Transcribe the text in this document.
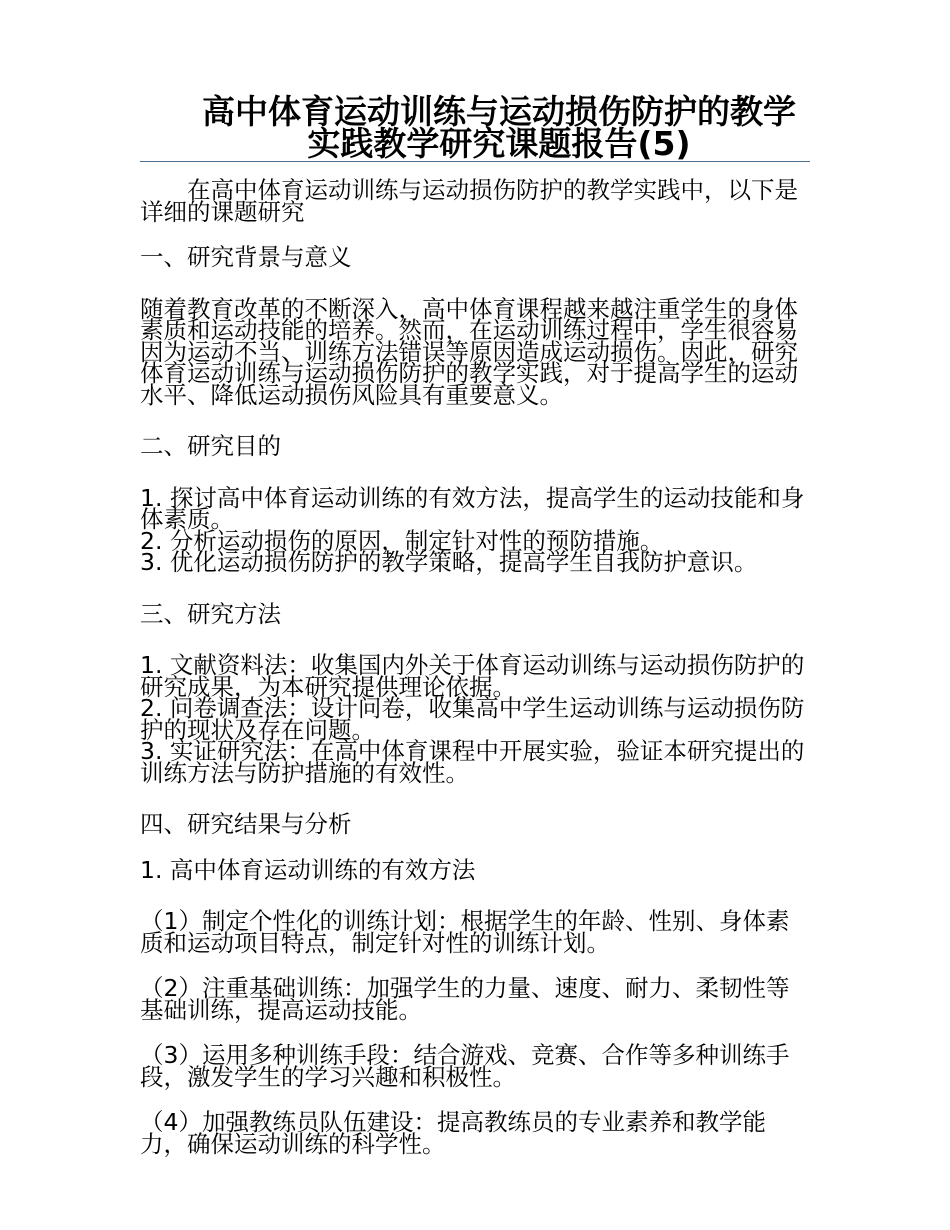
高中体育运动训练与运动损伤防护的教学
实践教学研究课题报告(5)

在高中体育运动训练与运动损伤防护的教学实践中，以下是详细的课题研究

一、研究背景与意义

随着教育改革的不断深入，高中体育课程越来越注重学生的身体素质和运动技能的培养。然而，在运动训练过程中，学生很容易因为运动不当、训练方法错误等原因造成运动损伤。因此，研究体育运动训练与运动损伤防护的教学实践，对于提高学生的运动水平、降低运动损伤风险具有重要意义。

二、研究目的

1. 探讨高中体育运动训练的有效方法，提高学生的运动技能和身体素质。

2. 分析运动损伤的原因，制定针对性的预防措施。

3. 优化运动损伤防护的教学策略，提高学生自我防护意识。

三、研究方法

1. 文献资料法：收集国内外关于体育运动训练与运动损伤防护的研究成果，为本研究提供理论依据。

2. 问卷调查法：设计问卷，收集高中学生运动训练与运动损伤防护的现状及存在问题。

3. 实证研究法：在高中体育课程中开展实验，验证本研究提出的训练方法与防护措施的有效性。

四、研究结果与分析

1. 高中体育运动训练的有效方法

（1）制定个性化的训练计划：根据学生的年龄、性别、身体素质和运动项目特点，制定针对性的训练计划。

（2）注重基础训练：加强学生的力量、速度、耐力、柔韧性等基础训练，提高运动技能。

（3）运用多种训练手段：结合游戏、竞赛、合作等多种训练手段，激发学生的学习兴趣和积极性。

（4）加强教练员队伍建设：提高教练员的专业素养和教学能力，确保运动训练的科学性。
